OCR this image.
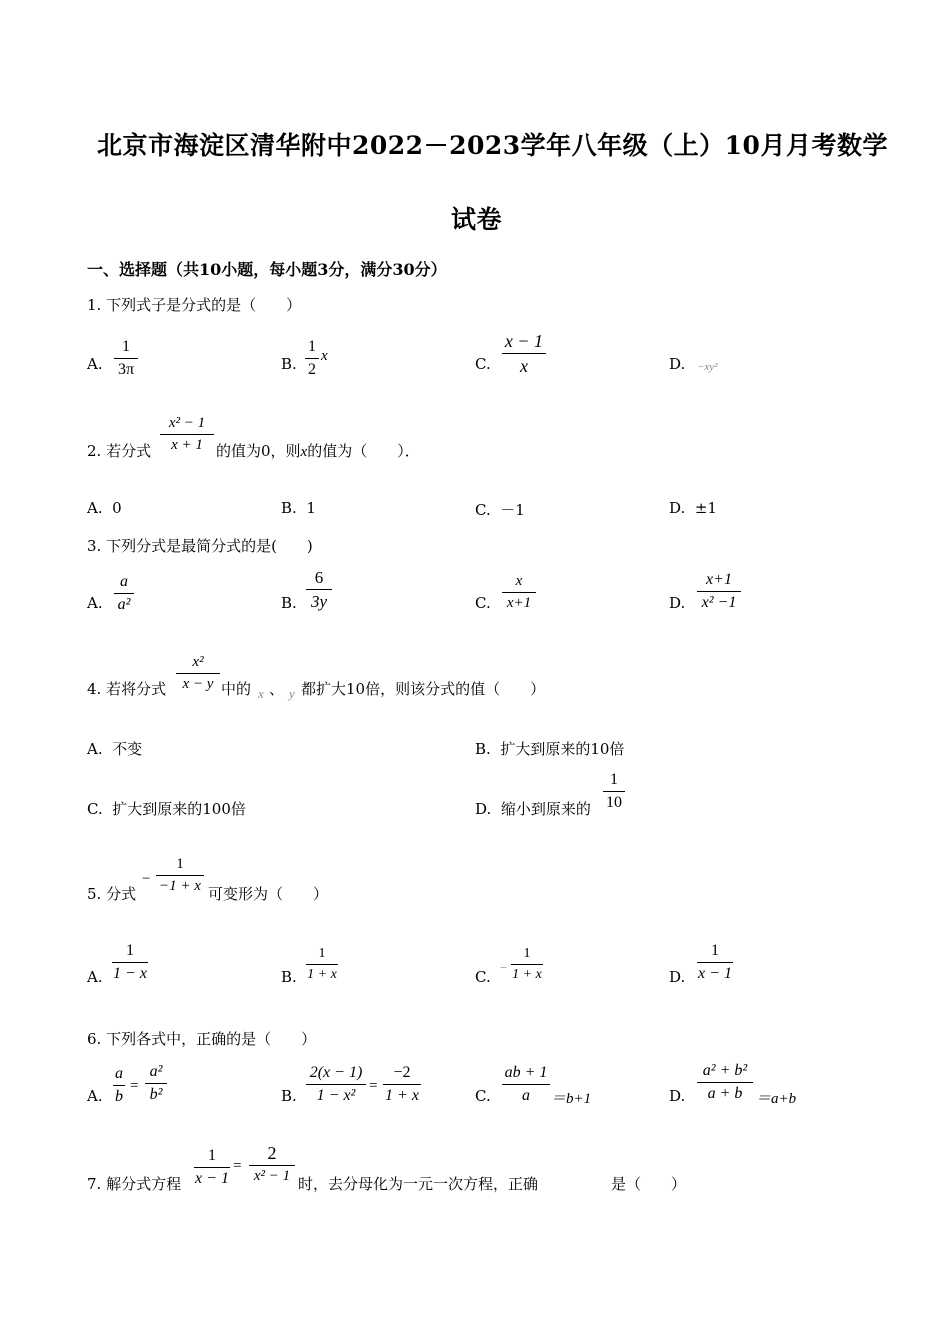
北京市海淀区清华附中2022－2023学年八年级（上）10月月考数学
试卷
一、选择题（共10小题，每小题3分，满分30分）
1. 下列式子是分式的是（　　）
A.
1
3π	B.
1
2
x	C.
x − 1
x	D. −xy²
2. 若分式
x² − 1
x + 1 的值为0，则x的值为（　　）．
A. 0	B. 1	C. －1	D. ±1
3. 下列分式是最简分式的是(　　)
A.
a
a²	B.
6
3y	C.
x
x+1	D.
x+1
x² −1
4. 若将分式
x²
x − y 中的 x 、 y 都扩大10倍，则该分式的值（　　）
A. 不变	B. 扩大到原来的10倍
C. 扩大到原来的100倍	D. 缩小到原来的
1
10
5. 分式
−
1
−1 + x 可变形为（　　）
A.
1
1 − x	B.
1
1 + x	C.
−
1
1 + x	D.
1
x − 1
6. 下列各式中，正确的是（　　）
A.
a
b
=
a²
b²	B.
2(x − 1)
1 − x²
=
−2
1 + x	C.
ab + 1
a	＝b+1	D.
a² + b²
a + b ＝a+b
7. 解分式方程
1
x − 1
=
2
x² − 1 时，去分母化为一元一次方程，正确	是（　　）
